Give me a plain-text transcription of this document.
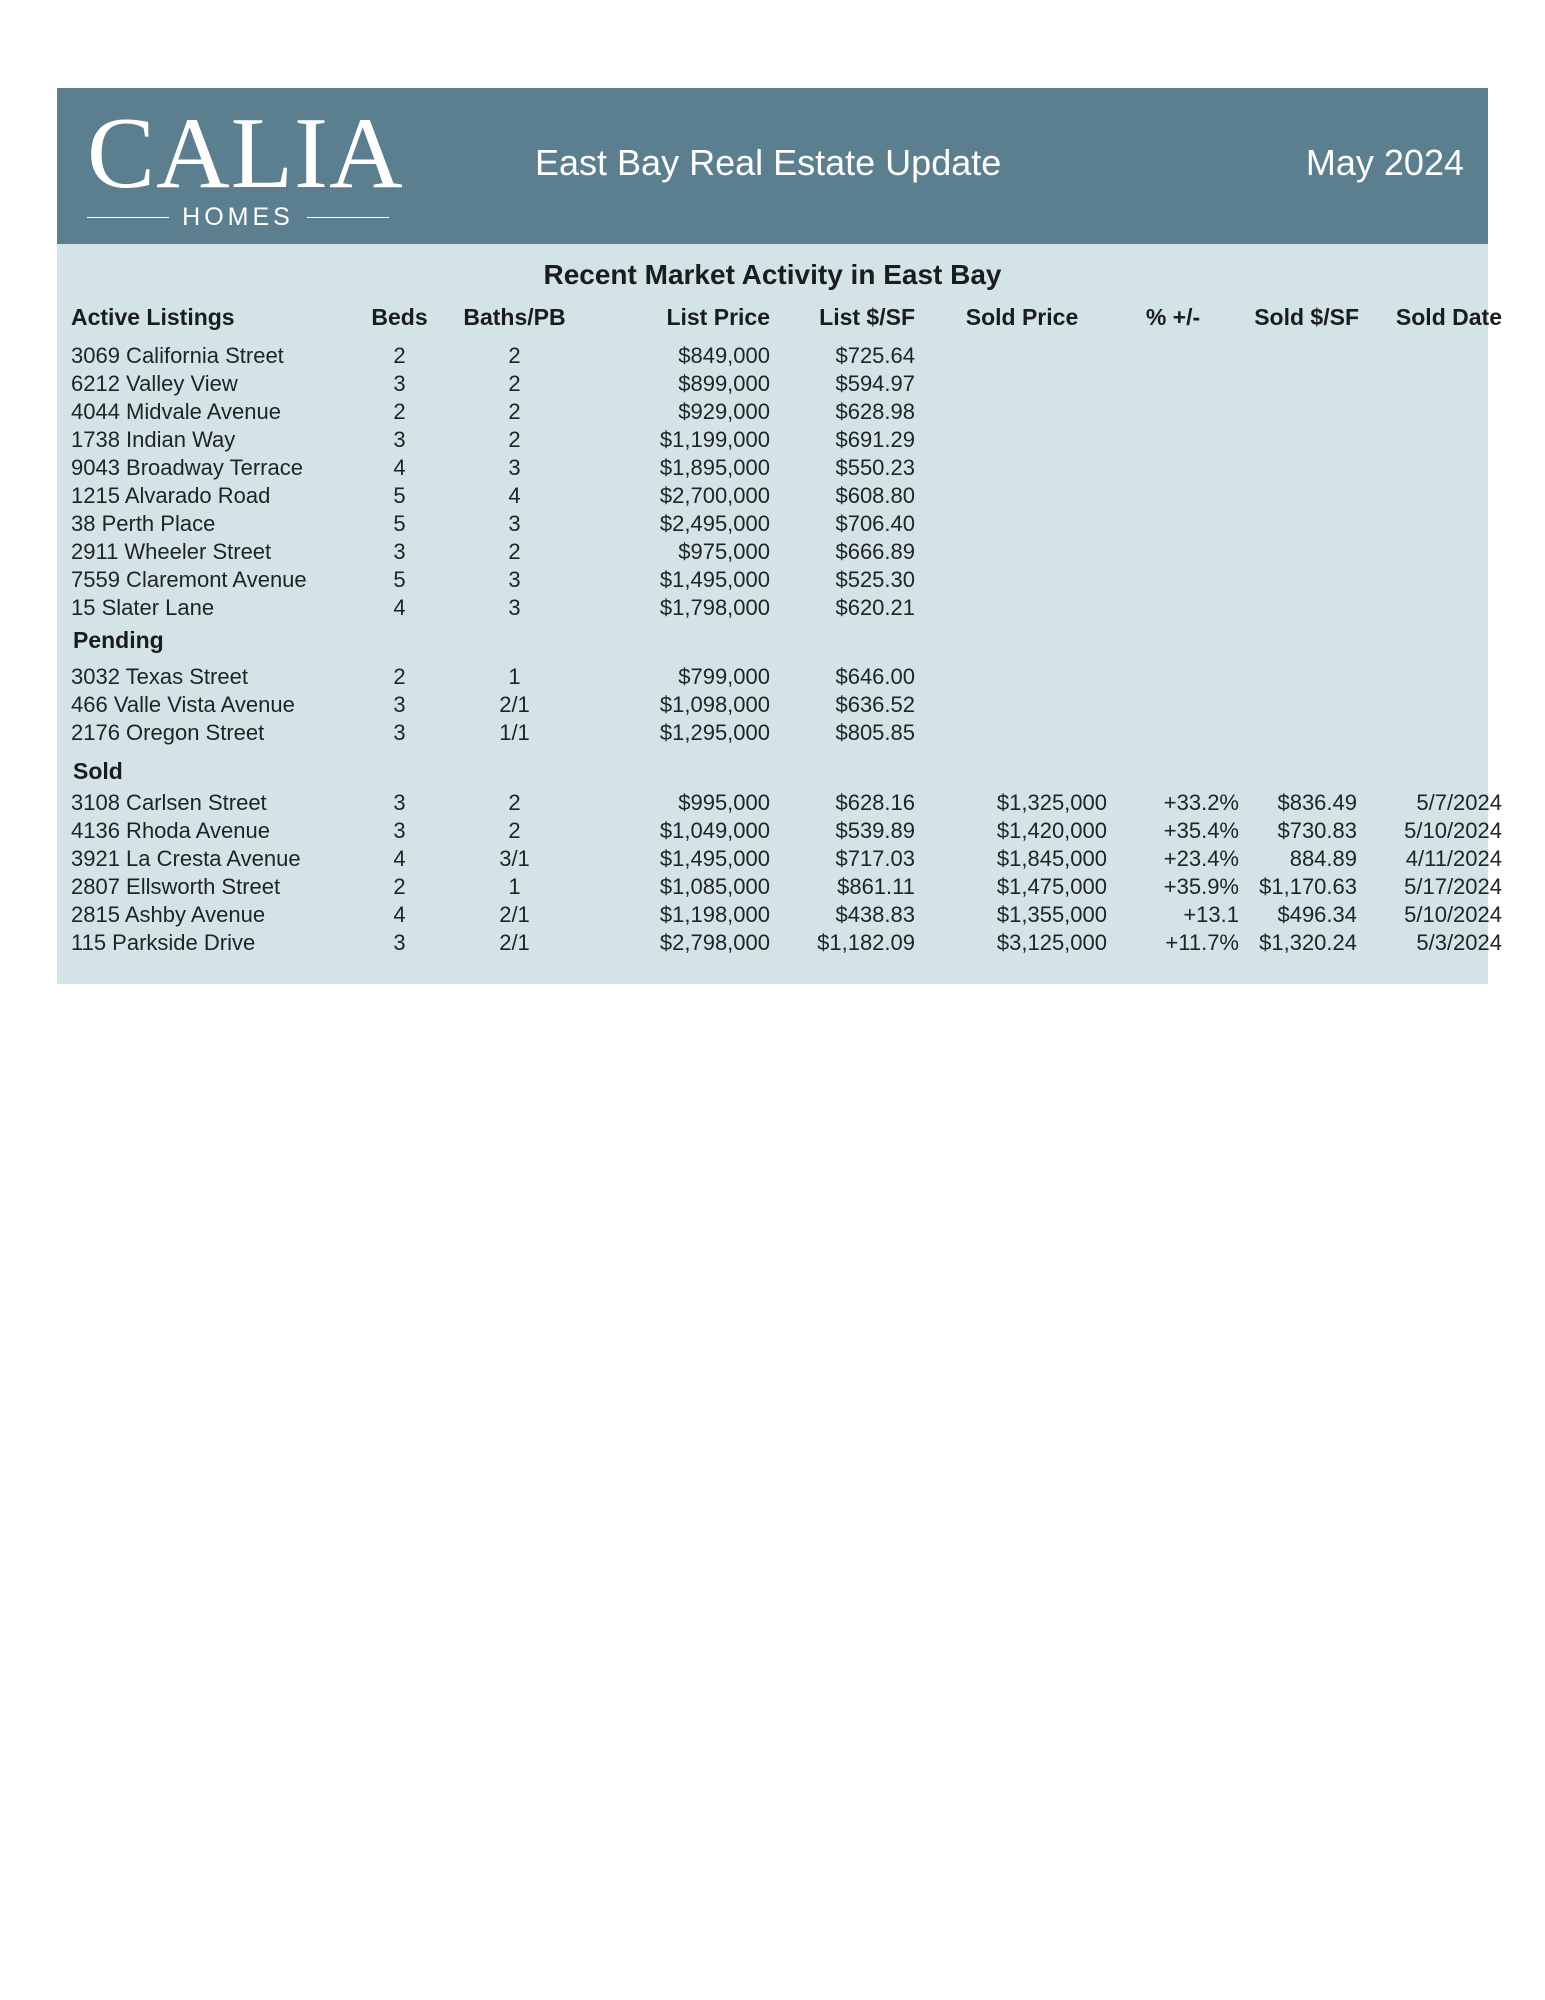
CALIA
HOMES
East Bay Real Estate Update	May 2024
Recent Market Activity in East Bay
Active Listings	Beds	Baths/PB	List Price	List $/SF	Sold Price	% +/-	Sold $/SF	Sold Date
3069 California Street	2	2	$849,000	$725.64
6212 Valley View	3	2	$899,000	$594.97
4044 Midvale Avenue	2	2	$929,000	$628.98
1738 Indian Way	3	2	$1,199,000	$691.29
9043 Broadway Terrace	4	3	$1,895,000	$550.23
1215 Alvarado Road	5	4	$2,700,000	$608.80
38 Perth Place	5	3	$2,495,000	$706.40
2911 Wheeler Street	3	2	$975,000	$666.89
7559 Claremont Avenue	5	3	$1,495,000	$525.30
15 Slater Lane	4	3	$1,798,000	$620.21
Pending
3032 Texas Street	2	1	$799,000	$646.00
466 Valle Vista Avenue	3	2/1	$1,098,000	$636.52
2176 Oregon Street	3	1/1	$1,295,000	$805.85
Sold
3108 Carlsen Street	3	2	$995,000	$628.16	$1,325,000	+33.2%	$836.49	5/7/2024
4136 Rhoda Avenue	3	2	$1,049,000	$539.89	$1,420,000	+35.4%	$730.83	5/10/2024
3921 La Cresta Avenue	4	3/1	$1,495,000	$717.03	$1,845,000	+23.4%	884.89	4/11/2024
2807 Ellsworth Street	2	1	$1,085,000	$861.11	$1,475,000	+35.9% $1,170.63	5/17/2024
2815 Ashby Avenue	4	2/1	$1,198,000	$438.83	$1,355,000	+13.1	$496.34	5/10/2024
115 Parkside Drive	3	2/1	$2,798,000	$1,182.09	$3,125,000	+11.7% $1,320.24	5/3/2024
